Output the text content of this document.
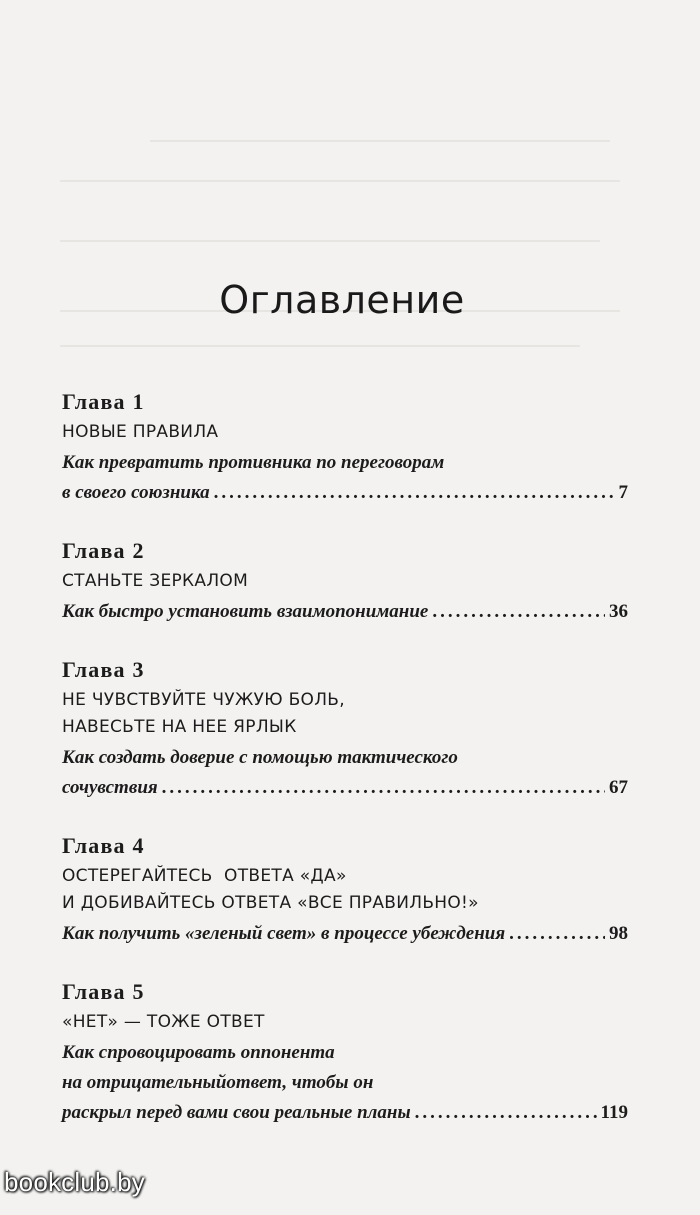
Оглавление
Глава 1
НОВЫЕ ПРАВИЛА
Как превратить противника по переговорам
в своего союзника .....	7
Глава 2
СТАНЬТЕ ЗЕРКАЛОМ
Как быстро установить взаимопонимание .....	36
Глава 3
НЕ ЧУВСТВУЙТЕ ЧУЖУЮ БОЛЬ,
НАВЕСЬТЕ НА НЕЕ ЯРЛЫК
Как создать доверие с помощью тактического
сочувствия .....	67
Глава 4
ОСТЕРЕГАЙТЕСЬ  ОТВЕТА «ДА»
И ДОБИВАЙТЕСЬ ОТВЕТА «ВСЕ ПРАВИЛЬНО!»
Как получить «зеленый свет» в процессе убеждения .....	98
Глава 5
«НЕТ» — ТОЖЕ ОТВЕТ
Как спровоцировать оппонента
на отрицательныйответ, чтобы он
раскрыл перед вами свои реальные планы .....	119
bookclub.by
